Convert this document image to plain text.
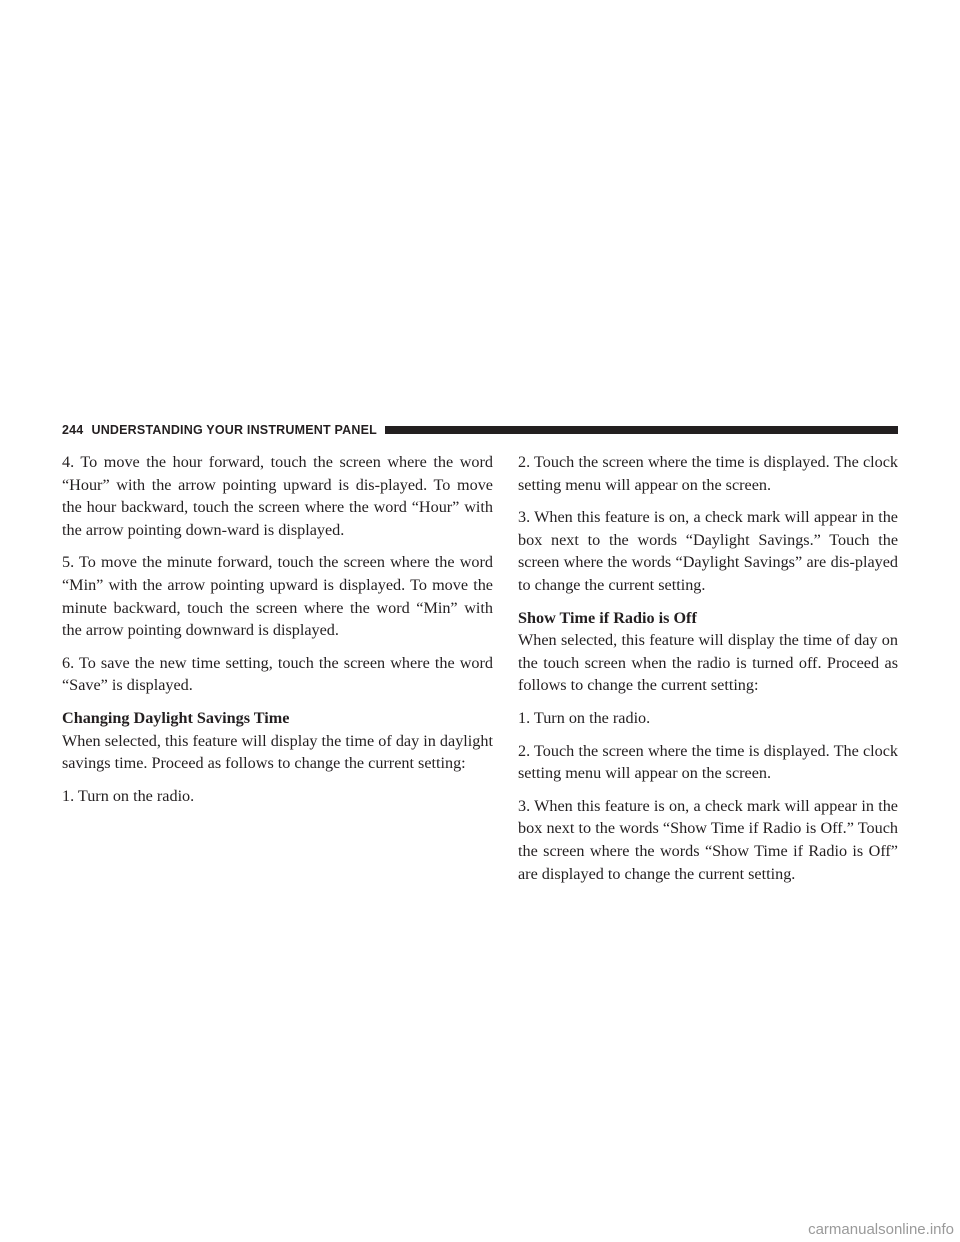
244 UNDERSTANDING YOUR INSTRUMENT PANEL

4. To move the hour forward, touch the screen where the word “Hour” with the arrow pointing upward is dis-played. To move the hour backward, touch the screen where the word “Hour” with the arrow pointing down-ward is displayed.

5. To move the minute forward, touch the screen where the word “Min” with the arrow pointing upward is displayed. To move the minute backward, touch the screen where the word “Min” with the arrow pointing downward is displayed.

6. To save the new time setting, touch the screen where the word “Save” is displayed.

Changing Daylight Savings Time

When selected, this feature will display the time of day in daylight savings time. Proceed as follows to change the current setting:

1. Turn on the radio.

2. Touch the screen where the time is displayed. The clock setting menu will appear on the screen.

3. When this feature is on, a check mark will appear in the box next to the words “Daylight Savings.” Touch the screen where the words “Daylight Savings” are dis-played to change the current setting.

Show Time if Radio is Off

When selected, this feature will display the time of day on the touch screen when the radio is turned off. Proceed as follows to change the current setting:

1. Turn on the radio.

2. Touch the screen where the time is displayed. The clock setting menu will appear on the screen.

3. When this feature is on, a check mark will appear in the box next to the words “Show Time if Radio is Off.” Touch the screen where the words “Show Time if Radio is Off” are displayed to change the current setting.

carmanualsonline.info
